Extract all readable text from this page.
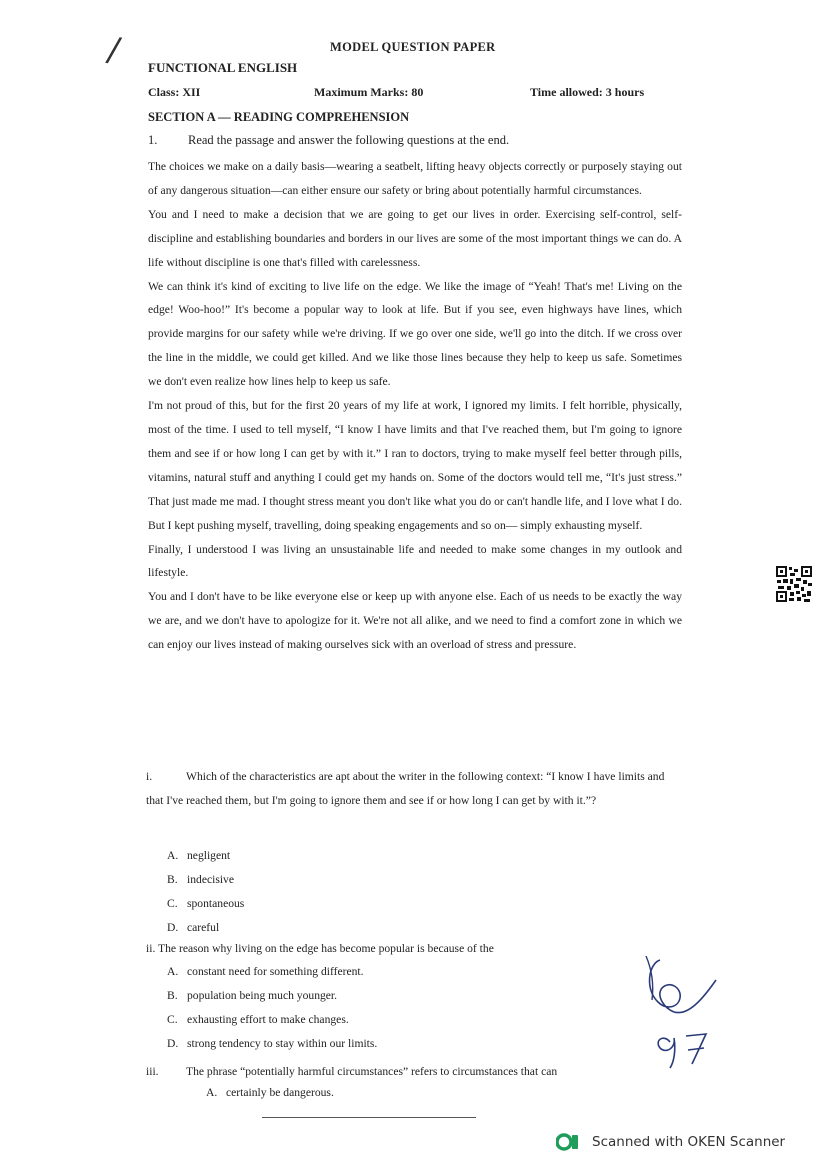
/	MODEL QUESTION PAPER
FUNCTIONAL ENGLISH
Class: XII	Maximum Marks: 80	Time allowed: 3 hours
SECTION A — READING COMPREHENSION
1. Read the passage and answer the following questions at the end.

The choices we make on a daily basis—wearing a seatbelt, lifting heavy objects correctly or purposely staying out of any dangerous situation—can either ensure our safety or bring about potentially harmful circumstances.

You and I need to make a decision that we are going to get our lives in order. Exercising self-control, self-discipline and establishing boundaries and borders in our lives are some of the most important things we can do. A life without discipline is one that's filled with carelessness.

We can think it's kind of exciting to live life on the edge. We like the image of “Yeah! That's me! Living on the edge! Woo-hoo!” It's become a popular way to look at life. But if you see, even highways have lines, which provide margins for our safety while we're driving. If we go over one side, we'll go into the ditch. If we cross over the line in the middle, we could get killed. And we like those lines because they help to keep us safe. Sometimes we don't even realize how lines help to keep us safe.

I'm not proud of this, but for the first 20 years of my life at work, I ignored my limits. I felt horrible, physically, most of the time. I used to tell myself, “I know I have limits and that I've reached them, but I'm going to ignore them and see if or how long I can get by with it.” I ran to doctors, trying to make myself feel better through pills, vitamins, natural stuff and anything I could get my hands on. Some of the doctors would tell me, “It's just stress.” That just made me mad. I thought stress meant you don't like what you do or can't handle life, and I love what I do. But I kept pushing myself, travelling, doing speaking engagements and so on— simply exhausting myself.

Finally, I understood I was living an unsustainable life and needed to make some changes in my outlook and lifestyle.

You and I don't have to be like everyone else or keep up with anyone else. Each of us needs to be exactly the way we are, and we don't have to apologize for it. We're not all alike, and we need to find a comfort zone in which we can enjoy our lives instead of making ourselves sick with an overload of stress and pressure.

i.	Which of the characteristics are apt about the writer in the following context: “I know I have limits and that I've reached them, but I'm going to ignore them and see if or how long I can get by with it.”?
A. negligent
B. indecisive
C. spontaneous
D. careful
ii. The reason why living on the edge has become popular is because of the
A. constant need for something different.
B. population being much younger.
C. exhausting effort to make changes.
D. strong tendency to stay within our limits.
iii. The phrase “potentially harmful circumstances” refers to circumstances that can
A. certainly be dangerous.
Scanned with OKEN Scanner
